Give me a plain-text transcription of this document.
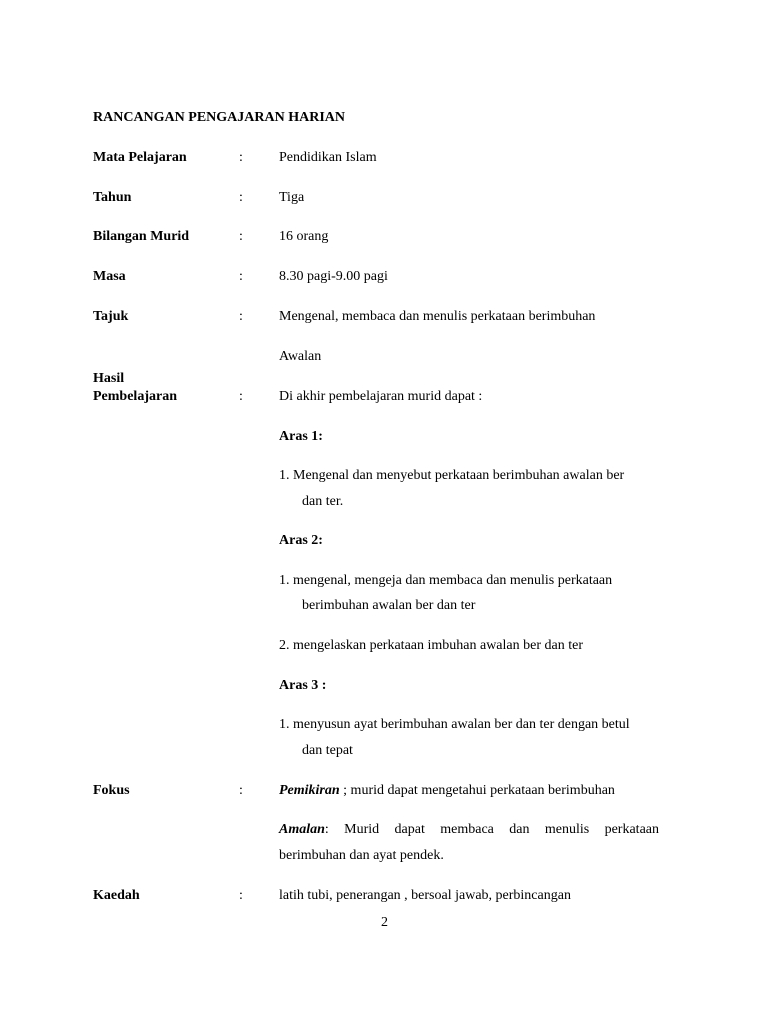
RANCANGAN PENGAJARAN HARIAN
Mata Pelajaran	:	Pendidikan Islam
Tahun	:	Tiga
Bilangan Murid	:	16 orang
Masa	:	8.30 pagi-9.00 pagi
Tajuk	:	Mengenal, membaca dan menulis perkataan berimbuhan
Awalan
Hasil
Pembelajaran	:	Di akhir pembelajaran murid dapat :
Aras 1:
1. Mengenal dan menyebut perkataan berimbuhan awalan ber
dan ter.
Aras 2:
1. mengenal, mengeja dan membaca dan menulis perkataan
berimbuhan awalan ber dan ter
2. mengelaskan perkataan imbuhan awalan ber dan ter
Aras 3 :
1. menyusun ayat berimbuhan awalan ber dan ter dengan betul
dan tepat
Fokus	:	Pemikiran ; murid dapat mengetahui perkataan berimbuhan
Amalan: Murid dapat membaca dan menulis perkataan
berimbuhan dan ayat pendek.
Kaedah	:	latih tubi, penerangan , bersoal jawab, perbincangan
2
